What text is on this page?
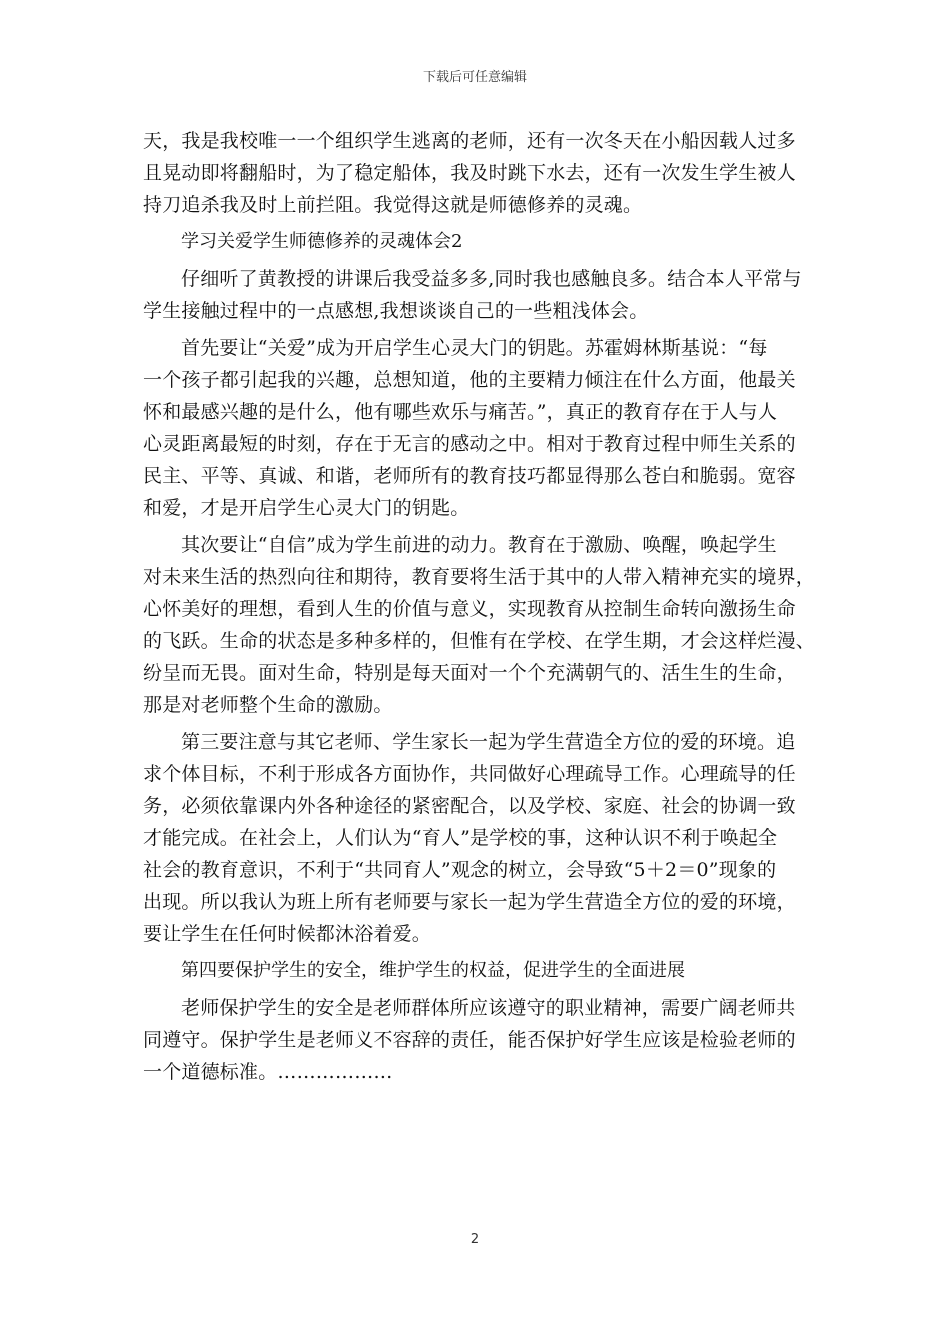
下载后可任意编辑
天，我是我校唯一一个组织学生逃离的老师，还有一次冬天在小船因载人过多
且晃动即将翻船时，为了稳定船体，我及时跳下水去，还有一次发生学生被人
持刀追杀我及时上前拦阻。我觉得这就是师德修养的灵魂。
学习关爱学生师德修养的灵魂体会2
仔细听了黄教授的讲课后我受益多多,同时我也感触良多。结合本人平常与
学生接触过程中的一点感想,我想谈谈自己的一些粗浅体会。
首先要让“关爱”成为开启学生心灵大门的钥匙。苏霍姆林斯基说：“每
一个孩子都引起我的兴趣，总想知道，他的主要精力倾注在什么方面，他最关
怀和最感兴趣的是什么，他有哪些欢乐与痛苦。”，真正的教育存在于人与人
心灵距离最短的时刻，存在于无言的感动之中。相对于教育过程中师生关系的
民主、平等、真诚、和谐，老师所有的教育技巧都显得那么苍白和脆弱。宽容
和爱，才是开启学生心灵大门的钥匙。
其次要让“自信”成为学生前进的动力。教育在于激励、唤醒，唤起学生
对未来生活的热烈向往和期待，教育要将生活于其中的人带入精神充实的境界，
心怀美好的理想，看到人生的价值与意义，实现教育从控制生命转向激扬生命
的飞跃。生命的状态是多种多样的，但惟有在学校、在学生期，才会这样烂漫、
纷呈而无畏。面对生命，特别是每天面对一个个充满朝气的、活生生的生命，
那是对老师整个生命的激励。
第三要注意与其它老师、学生家长一起为学生营造全方位的爱的环境。追
求个体目标，不利于形成各方面协作，共同做好心理疏导工作。心理疏导的任
务，必须依靠课内外各种途径的紧密配合，以及学校、家庭、社会的协调一致
才能完成。在社会上，人们认为“育人”是学校的事，这种认识不利于唤起全
社会的教育意识，不利于“共同育人”观念的树立，会导致“5＋2＝0”现象的
出现。所以我认为班上所有老师要与家长一起为学生营造全方位的爱的环境，
要让学生在任何时候都沐浴着爱。
第四要保护学生的安全，维护学生的权益，促进学生的全面进展
老师保护学生的安全是老师群体所应该遵守的职业精神，需要广阔老师共
同遵守。保护学生是老师义不容辞的责任，能否保护好学生应该是检验老师的
一个道德标准。………………
2
